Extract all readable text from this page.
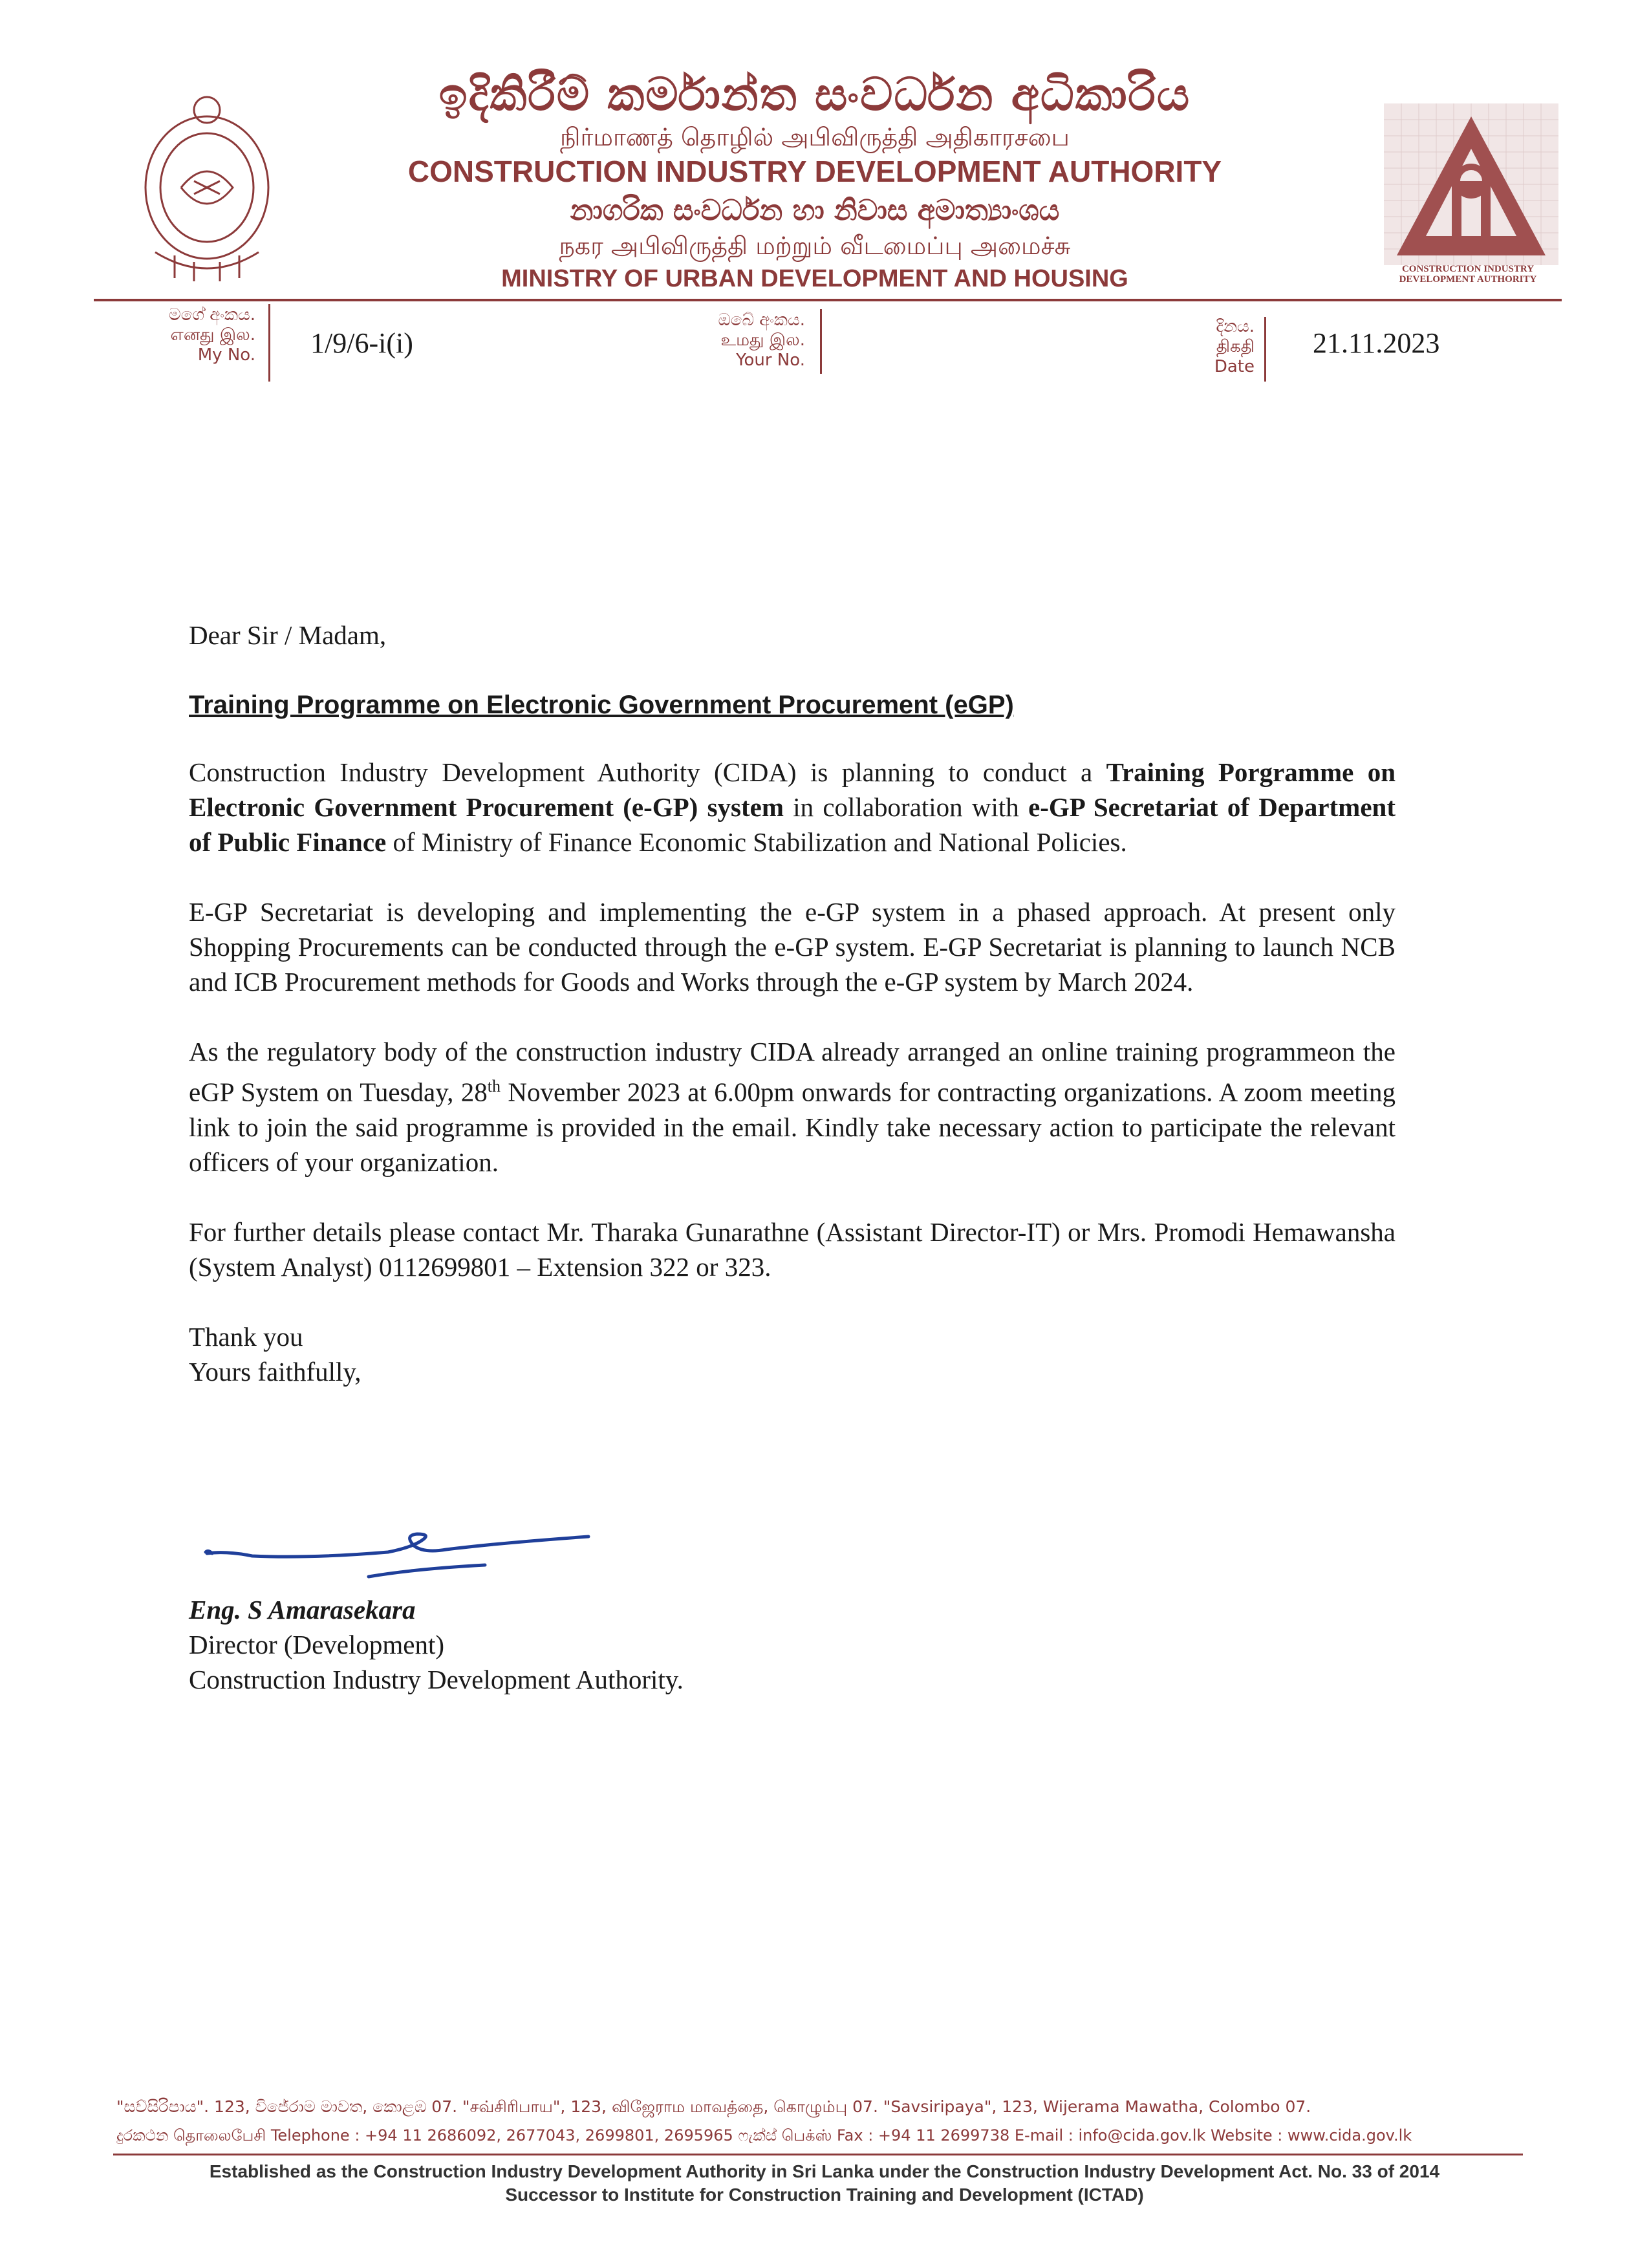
ඉදිකිරීම් කර්මාන්ත සංවර්ධන අධිකාරිය
நிர்மாணத் தொழில் அபிவிருத்தி அதிகாரசபை
CONSTRUCTION INDUSTRY DEVELOPMENT AUTHORITY
නාගරික සංවර්ධන හා නිවාස අමාත්‍යාංශය
நகர அபிவிருத்தி மற்றும் வீடமைப்பு அமைச்சு
MINISTRY OF URBAN DEVELOPMENT AND HOUSING	CONSTRUCTION INDUSTRY
DEVELOPMENT AUTHORITY
මගේ අංකය.
எனது இல.
My No. 1/9/6-i(i)
ඔබේ අංකය.
உமது இல.
Your No.
දිනය.
திகதி
Date
21.11.2023

Dear Sir / Madam,

Training Programme on Electronic Government Procurement (eGP)

Construction Industry Development Authority (CIDA) is planning to conduct a Training Porgramme on Electronic Government Procurement (e-GP) system in collaboration with e-GP Secretariat of Department of Public Finance of Ministry of Finance Economic Stabilization and National Policies.

E-GP Secretariat is developing and implementing the e-GP system in a phased approach. At present only Shopping Procurements can be conducted through the e-GP system. E-GP Secretariat is planning to launch NCB and ICB Procurement methods for Goods and Works through the e-GP system by March 2024.

As the regulatory body of the construction industry CIDA already arranged an online training programmeon the eGP System on Tuesday, 28th November 2023 at 6.00pm onwards for contracting organizations. A zoom meeting link to join the said programme is provided in the email. Kindly take necessary action to participate the relevant officers of your organization.

For further details please contact Mr. Tharaka Gunarathne (Assistant Director-IT) or Mrs. Promodi Hemawansha (System Analyst) 0112699801 – Extension 322 or 323.

Thank you

Yours faithfully,

Eng. S Amarasekara
Director (Development)
Construction Industry Development Authority.
"සව්සිරිපාය". 123, විජේරාම මාවත, කොළඹ 07. "சவ்சிரிபாய", 123, விஜேராம மாவத்தை, கொழும்பு 07. "Savsiripaya", 123, Wijerama Mawatha, Colombo 07.
දුරකථන தொலைபேசி Telephone : +94 11 2686092, 2677043, 2699801, 2695965 ෆැක්ස් பெக்ஸ் Fax : +94 11 2699738 E-mail : info@cida.gov.lk Website : www.cida.gov.lk
Established as the Construction Industry Development Authority in Sri Lanka under the Construction Industry Development Act. No. 33 of 2014
Successor to Institute for Construction Training and Development (ICTAD)
